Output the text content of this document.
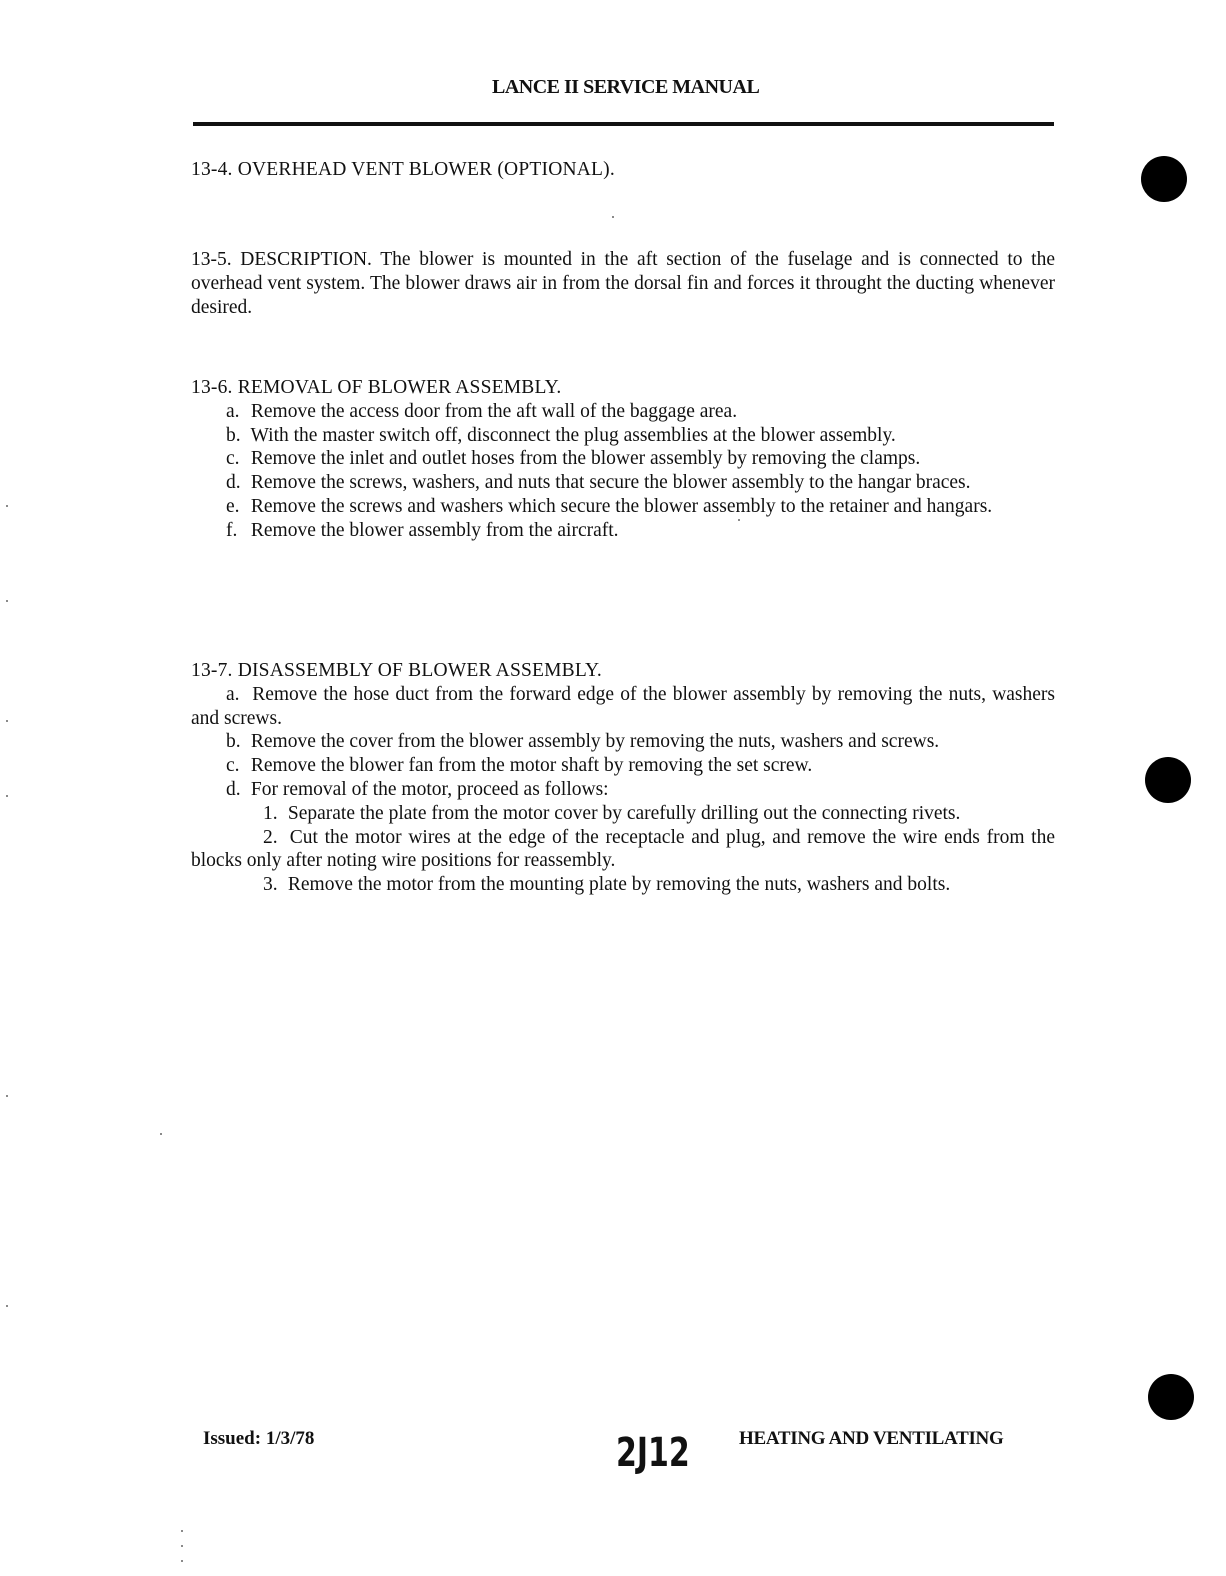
LANCE II SERVICE MANUAL

13-4. OVERHEAD VENT BLOWER (OPTIONAL).

13-5. DESCRIPTION. The blower is mounted in the aft section of the fuselage and is connected to the overhead vent system. The blower draws air in from the dorsal fin and forces it throught the ducting whenever desired.

13-6. REMOVAL OF BLOWER ASSEMBLY.

a. Remove the access door from the aft wall of the baggage area.

b. With the master switch off, disconnect the plug assemblies at the blower assembly.

c. Remove the inlet and outlet hoses from the blower assembly by removing the clamps.

d. Remove the screws, washers, and nuts that secure the blower assembly to the hangar braces.

e. Remove the screws and washers which secure the blower assembly to the retainer and hangars.

f. Remove the blower assembly from the aircraft.

13-7. DISASSEMBLY OF BLOWER ASSEMBLY.

a. Remove the hose duct from the forward edge of the blower assembly by removing the nuts, washers and screws.

b. Remove the cover from the blower assembly by removing the nuts, washers and screws.

c. Remove the blower fan from the motor shaft by removing the set screw.

d. For removal of the motor, proceed as follows:

1. Separate the plate from the motor cover by carefully drilling out the connecting rivets.

2. Cut the motor wires at the edge of the receptacle and plug, and remove the wire ends from the blocks only after noting wire positions for reassembly.

3. Remove the motor from the mounting plate by removing the nuts, washers and bolts.

Issued: 1/3/78	2J12	HEATING AND VENTILATING
